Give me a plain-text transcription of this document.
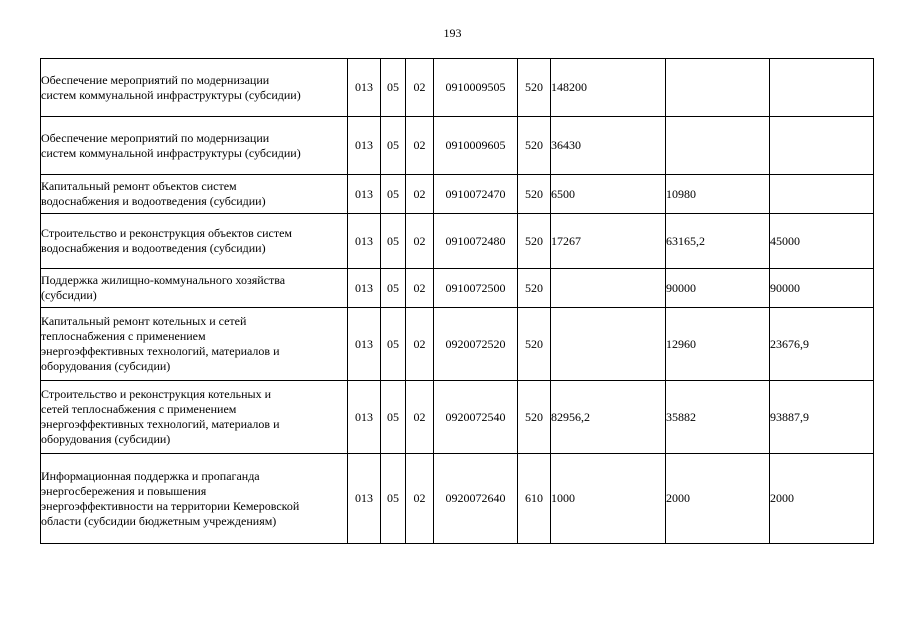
193
Обеспечение мероприятий по модернизации
систем коммунальной инфраструктуры (субсидии)	013	05	02	0910009505	520	148200		

Обеспечение мероприятий по модернизации
систем коммунальной инфраструктуры (субсидии)	013	05	02	0910009605	520	36430		

Капитальный ремонт объектов систем
водоснабжения и водоотведения (субсидии)	013	05	02	0910072470	520	6500	10980	

Строительство и реконструкция объектов систем
водоснабжения и водоотведения (субсидии)	013	05	02	0910072480	520	17267	63165,2	45000

Поддержка жилищно-коммунального хозяйства
(субсидии)	013	05	02	0910072500	520		90000	90000

Капитальный ремонт котельных и сетей
теплоснабжения с применением
энергоэффективных технологий, материалов и
оборудования (субсидии)	013	05	02	0920072520	520		12960	23676,9

Строительство и реконструкция котельных и
сетей теплоснабжения с применением
энергоэффективных технологий, материалов и
оборудования (субсидии)	013	05	02	0920072540	520	82956,2	35882	93887,9

Информационная поддержка и пропаганда
энергосбережения и повышения
энергоэффективности на территории Кемеровской
области (субсидии бюджетным учреждениям)	013	05	02	0920072640	610	1000	2000	2000
